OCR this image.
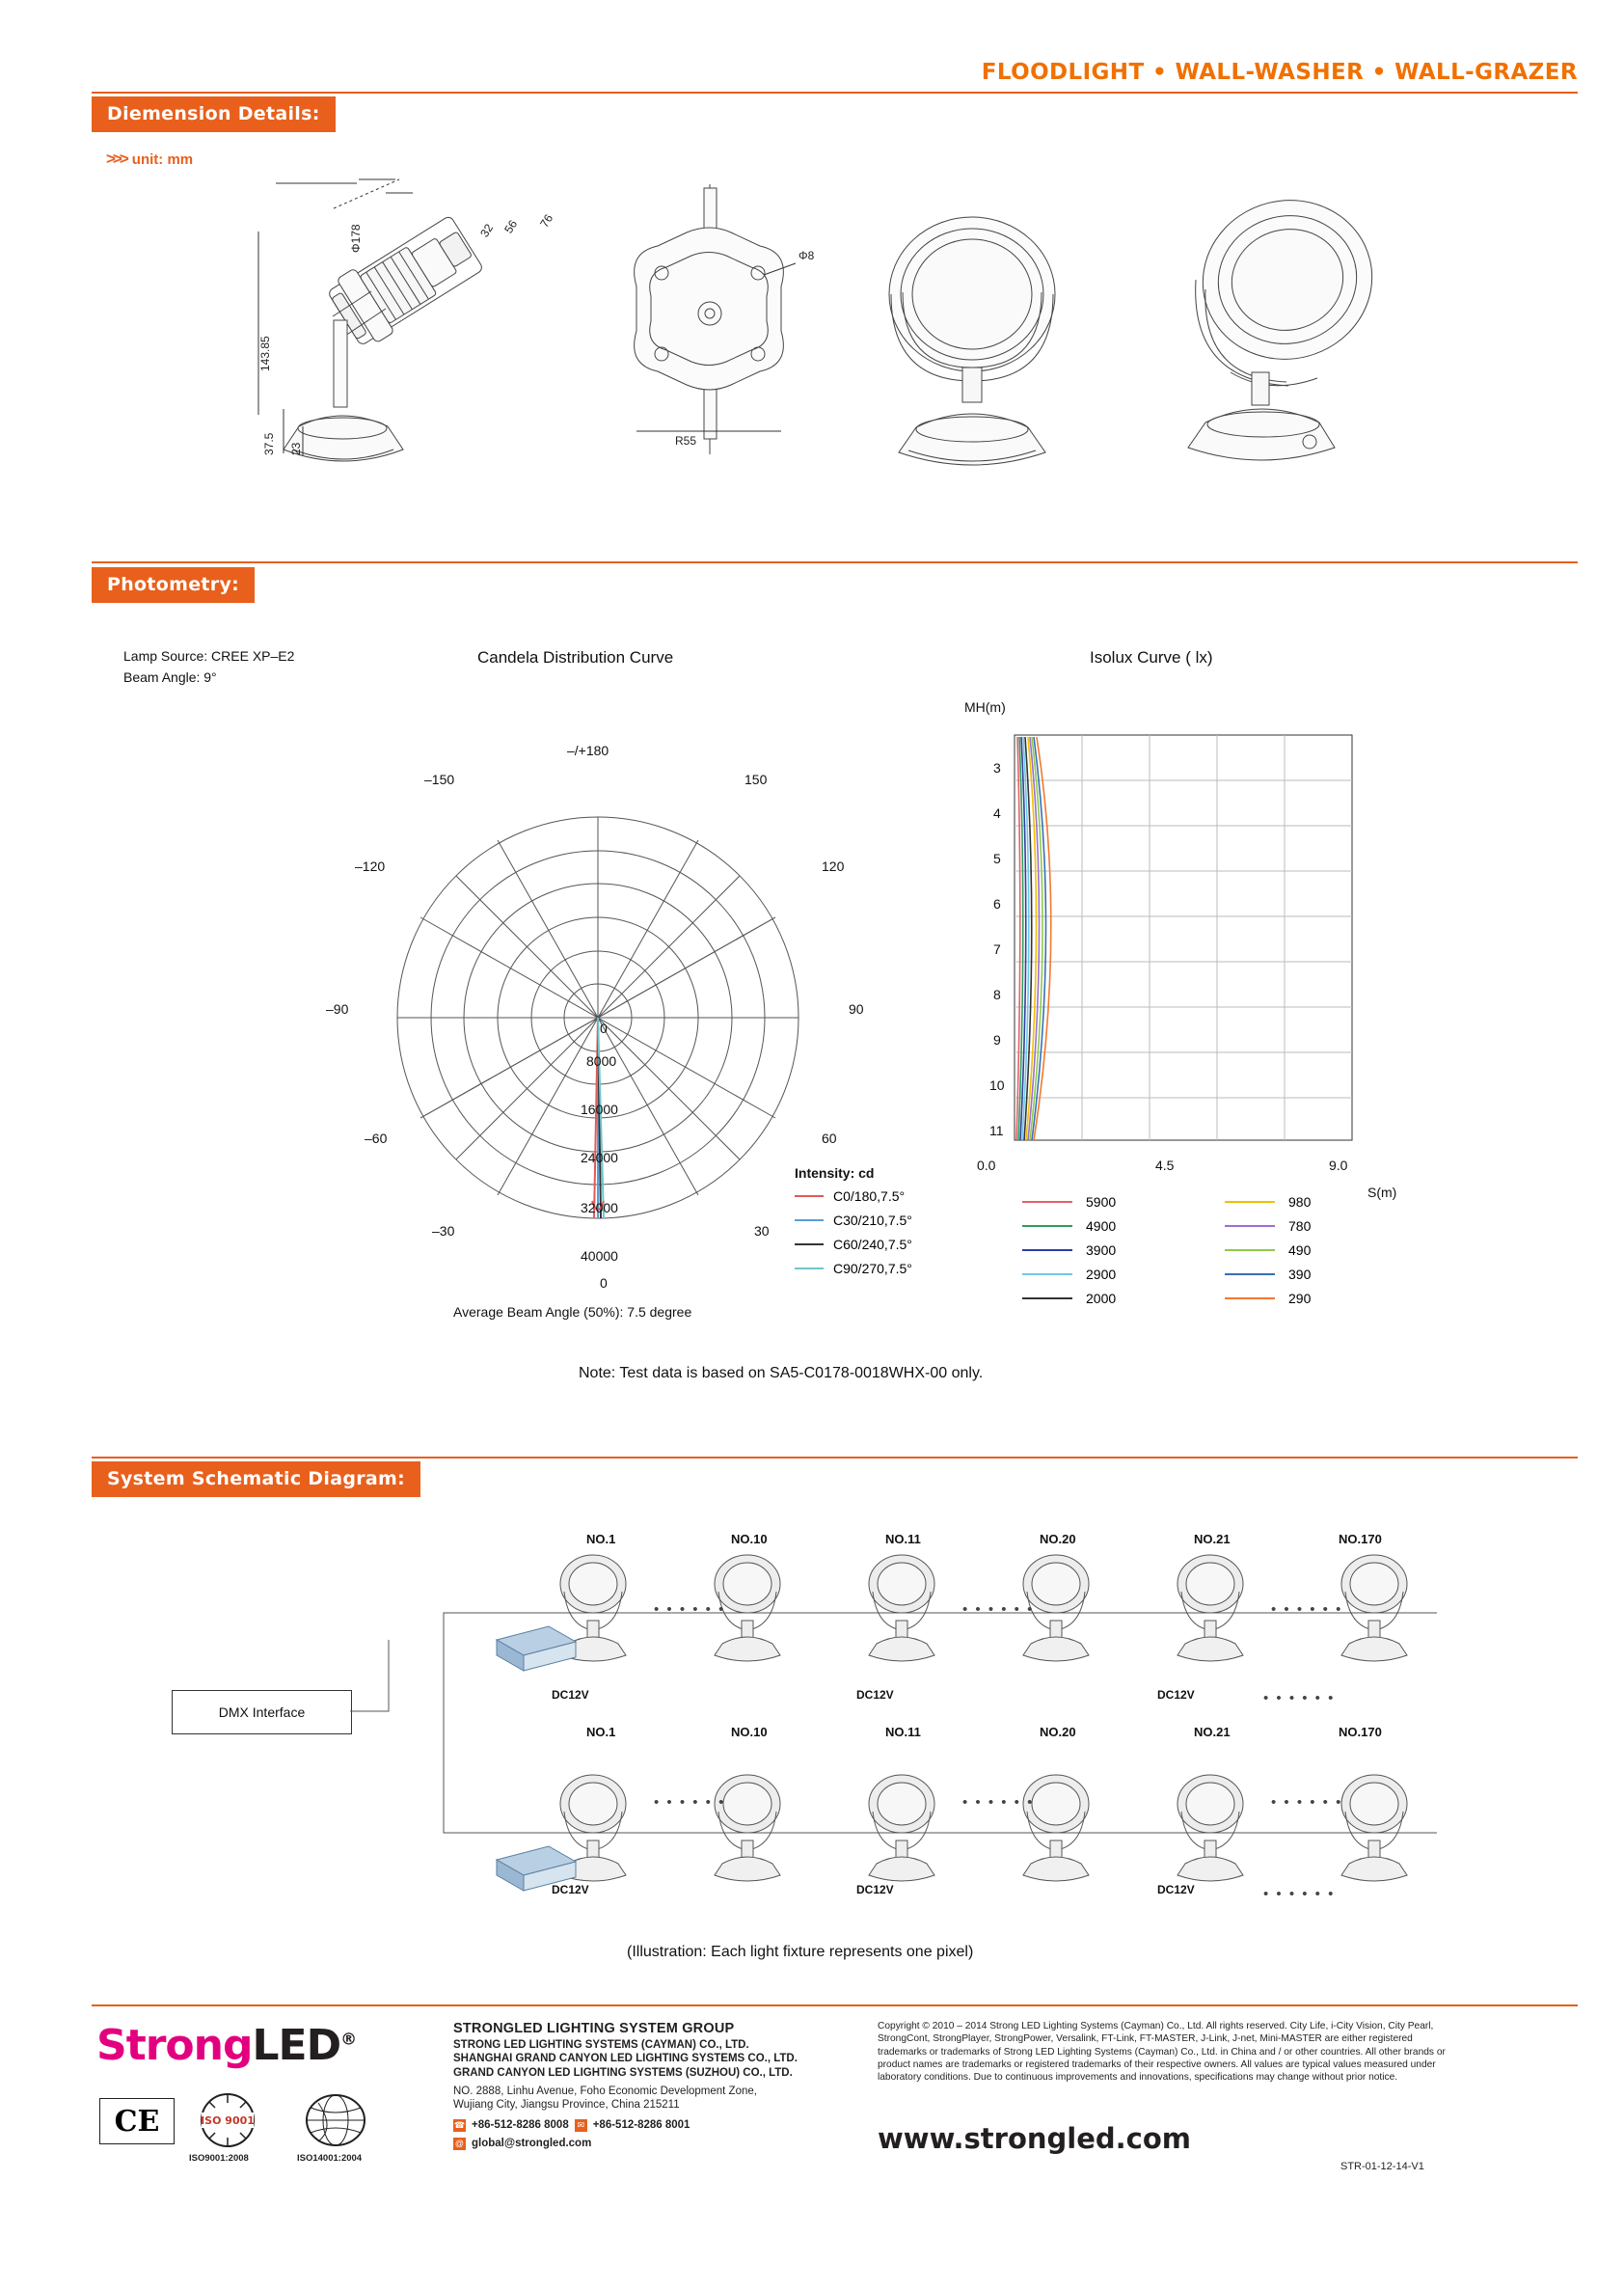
FLOODLIGHT • WALL-WASHER • WALL-GRAZER
Diemension Details:
>>> unit: mm
Φ178
76
56
32
143.85
37.5 23
Φ8
R55
Photometry:
Lamp Source: CREE XP–E2
Beam Angle: 9°
Candela Distribution Curve	Isolux Curve ( lx)
–/+180
–150	150
–120	120
–90	90
–60	60
–30	30
0
8000
16000
24000
32000
40000
0
Intensity: cd
C0/180,7.5°
C30/210,7.5°
C60/240,7.5°
C90/270,7.5°
Average Beam Angle (50%): 7.5 degree
MH(m)
3
4
5
6
7
8
9
10
11
0.0	4.5	9.0
S(m)
5900
4900
3900
2900
2000
980
780
490
390
290
Note: Test data is based on SA5-C0178-0018WHX-00 only.
System Schematic Diagram:
NO.1	NO.10	NO.11	NO.20	NO.21	NO.170
NO.1	NO.10	NO.11	NO.20	NO.21	NO.170
DMX Interface
• • • • • •	• • • • • •	• • • • • •
• • • • • •
• • • • • •	• • • • • •	• • • • • •
• • • • • •
DC12V	DC12V	DC12V
DC12V	DC12V	DC12V
(Illustration: Each light fixture represents one pixel)
StrongLED®
CE	ISO 9001
ISO9001:2008	ISO14001:2004
STRONGLED LIGHTING SYSTEM GROUP
STRONG LED LIGHTING SYSTEMS (CAYMAN) CO., LTD.
SHANGHAI GRAND CANYON LED LIGHTING SYSTEMS CO., LTD.
GRAND CANYON LED LIGHTING SYSTEMS (SUZHOU) CO., LTD.
NO. 2888, Linhu Avenue, Foho Economic Development Zone,
Wujiang City, Jiangsu Province, China 215211
☎ +86-512-8286 8008 ✉ +86-512-8286 8001
@ global@strongled.com
Copyright © 2010 – 2014 Strong LED Lighting Systems (Cayman) Co., Ltd. All rights reserved. City Life, i-City Vision, City Pearl, StrongCont, StrongPlayer, StrongPower, Versalink, FT-Link, FT-MASTER, J-Link, J-net, Mini-MASTER are either registered trademarks or trademarks of Strong LED Lighting Systems (Cayman) Co., Ltd. in China and / or other countries. All other brands or product names are trademarks or registered trademarks of their respective owners. All values are typical values measured under laboratory conditions. Due to continuous improvements and innovations, specifications may change without prior notice.
www.strongled.com
STR-01-12-14-V1
